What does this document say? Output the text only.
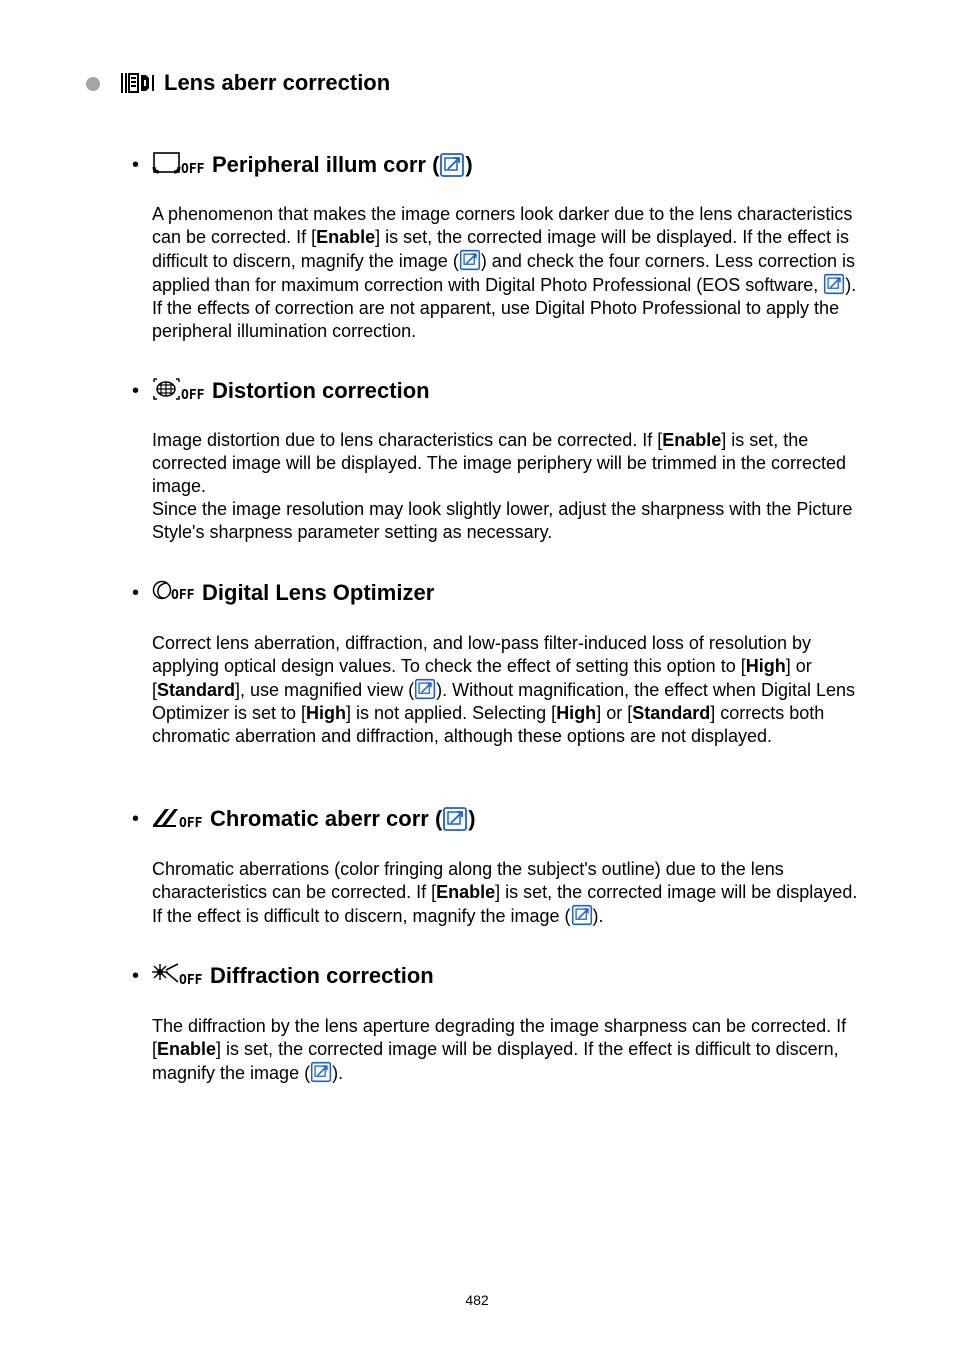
Lens aberr correction
•	OFF Peripheral illum corr ( )

A phenomenon that makes the image corners look darker due to the lens characteristics can be corrected. If [Enable] is set, the corrected image will be displayed. If the effect is difficult to discern, magnify the image ( ) and check the four corners. Less correction is applied than for maximum correction with Digital Photo Professional (EOS software, ). If the effects of correction are not apparent, use Digital Photo Professional to apply the peripheral illumination correction.

•	OFF Distortion correction

Image distortion due to lens characteristics can be corrected. If [Enable] is set, the corrected image will be displayed. The image periphery will be trimmed in the corrected image.

Since the image resolution may look slightly lower, adjust the sharpness with the Picture Style's sharpness parameter setting as necessary.

•	OFF Digital Lens Optimizer

Correct lens aberration, diffraction, and low-pass filter-induced loss of resolution by applying optical design values. To check the effect of setting this option to [High] or [Standard], use magnified view ( ). Without magnification, the effect when Digital Lens Optimizer is set to [High] is not applied. Selecting [High] or [Standard] corrects both chromatic aberration and diffraction, although these options are not displayed.

•	OFF Chromatic aberr corr ( )

Chromatic aberrations (color fringing along the subject's outline) due to the lens characteristics can be corrected. If [Enable] is set, the corrected image will be displayed. If the effect is difficult to discern, magnify the image ( ).

•	OFF Diffraction correction

The diffraction by the lens aperture degrading the image sharpness can be corrected. If [Enable] is set, the corrected image will be displayed. If the effect is difficult to discern, magnify the image ( ).

482
